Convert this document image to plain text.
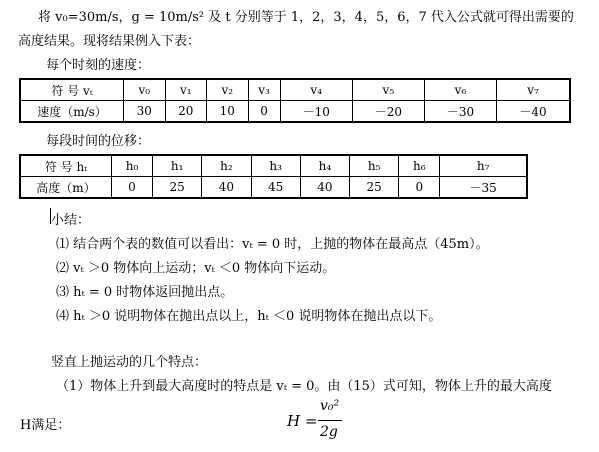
将 v₀=30m/s，g = 10m/s² 及 t 分别等于 1，2，3，4，5，6，7 代入公式就可得出需要的
高度结果。现将结果例入下表：
每个时刻的速度：
符 号 vₜ	v₀	v₁	v₂	v₃	v₄	v₅	v₆	v₇
速度（m/s）	30	20	10	0	－10	－20	－30	－40
每段时间的位移：
符 号 hₜ	h₀	h₁	h₂	h₃	h₄	h₅	h₆	h₇
高度（m）	0	25	40	45	40	25	0	－35
小结：
⑴ 结合两个表的数值可以看出：vₜ = 0 时，上抛的物体在最高点（45m）。
⑵ vₜ ＞0 物体向上运动；vₜ ＜0 物体向下运动。
⑶ hₜ = 0 时物体返回抛出点。
⑷ hₜ ＞0 说明物体在抛出点以上，hₜ ＜0 说明物体在抛出点以下。
竖直上抛运动的几个特点：
（1）物体上升到最大高度时的特点是 vₜ = 0。由（15）式可知，物体上升的最大高度
H满足：	H =
v₀²
2g
